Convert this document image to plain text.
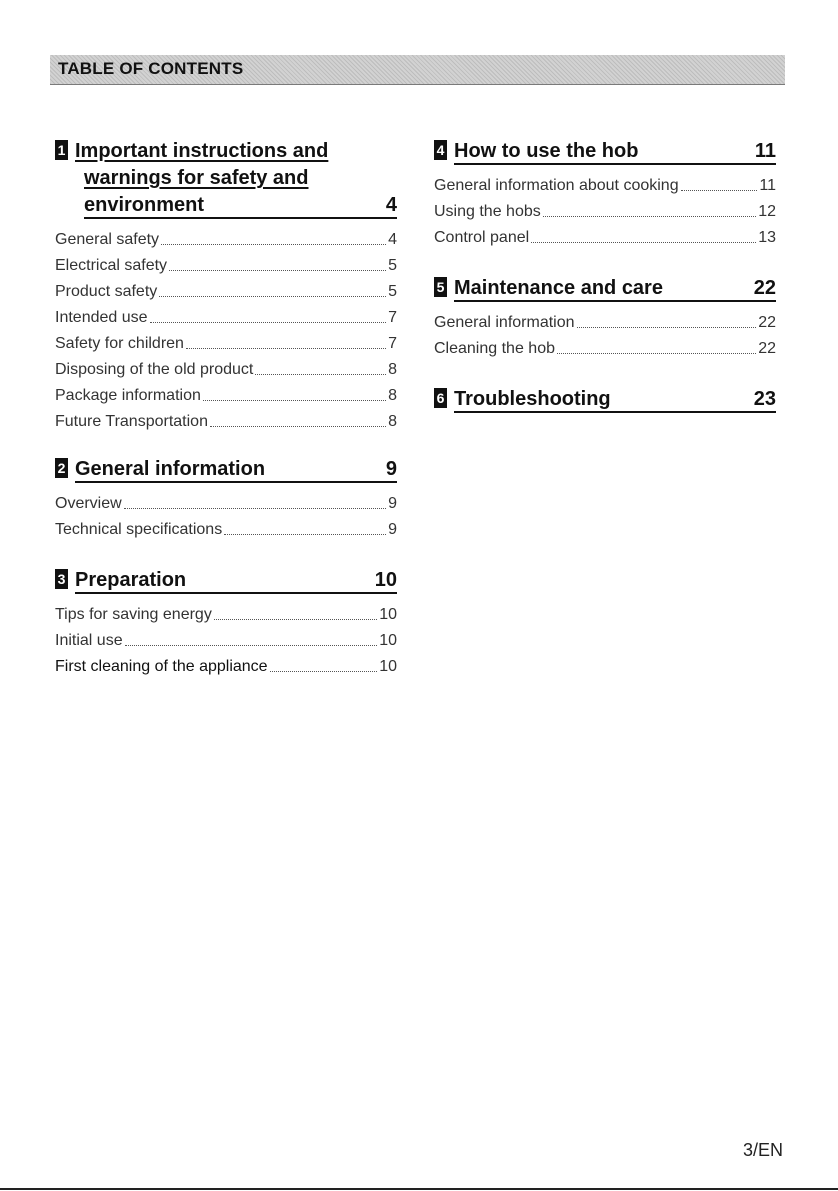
TABLE OF CONTENTS
1 Important instructions and
warnings for safety and
environment	4
General safety	4
Electrical safety	5
Product safety	5
Intended use	7
Safety for children	7
Disposing of the old product	8
Package information	8
Future Transportation	8
2 General information	9
Overview	9
Technical specifications	9
3 Preparation	10
Tips for saving energy	10
Initial use	10
First cleaning of the appliance	10
4 How to use the hob	11
General information about cooking	11
Using the hobs	12
Control panel	13
5 Maintenance and care	22
General information	22
Cleaning the hob	22
6 Troubleshooting	23
3/EN
